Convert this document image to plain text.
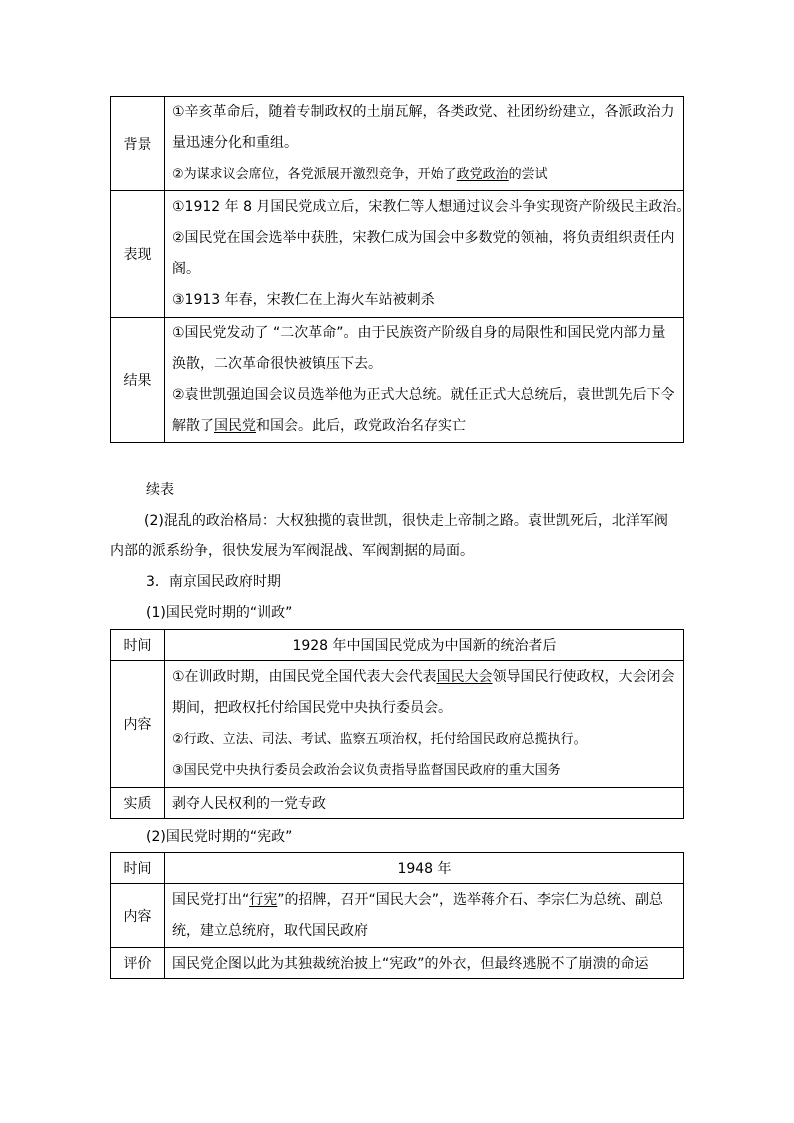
背景	①辛亥革命后，随着专制政权的土崩瓦解，各类政党、社团纷纷建立，各派政治力
量迅速分化和重组。
②为谋求议会席位，各党派展开激烈竞争，开始了政党政治的尝试

表现	①1912 年 8 月国民党成立后，宋教仁等人想通过议会斗争实现资产阶级民主政治。
②国民党在国会选举中获胜，宋教仁成为国会中多数党的领袖，将负责组织责任内
阁。
③1913 年春，宋教仁在上海火车站被刺杀

结果	①国民党发动了 “二次革命”。由于民族资产阶级自身的局限性和国民党内部力量
涣散，二次革命很快被镇压下去。
②袁世凯强迫国会议员选举他为正式大总统。就任正式大总统后，袁世凯先后下令
解散了国民党和国会。此后，政党政治名存实亡
续表
(2)混乱的政治格局：大权独揽的袁世凯，很快走上帝制之路。袁世凯死后，北洋军阀
内部的派系纷争，很快发展为军阀混战、军阀割据的局面。
3．南京国民政府时期
(1)国民党时期的“训政”
时间	1928 年中国国民党成为中国新的统治者后
内容	①在训政时期，由国民党全国代表大会代表国民大会领导国民行使政权，大会闭会
期间，把政权托付给国民党中央执行委员会。
②行政、立法、司法、考试、监察五项治权，托付给国民政府总揽执行。
③国民党中央执行委员会政治会议负责指导监督国民政府的重大国务

实质	剥夺人民权利的一党专政
(2)国民党时期的“宪政”
时间	1948 年
内容	国民党打出“行宪”的招牌，召开“国民大会”，选举蒋介石、李宗仁为总统、副总
统，建立总统府，取代国民政府

评价	国民党企图以此为其独裁统治披上“宪政”的外衣，但最终逃脱不了崩溃的命运
